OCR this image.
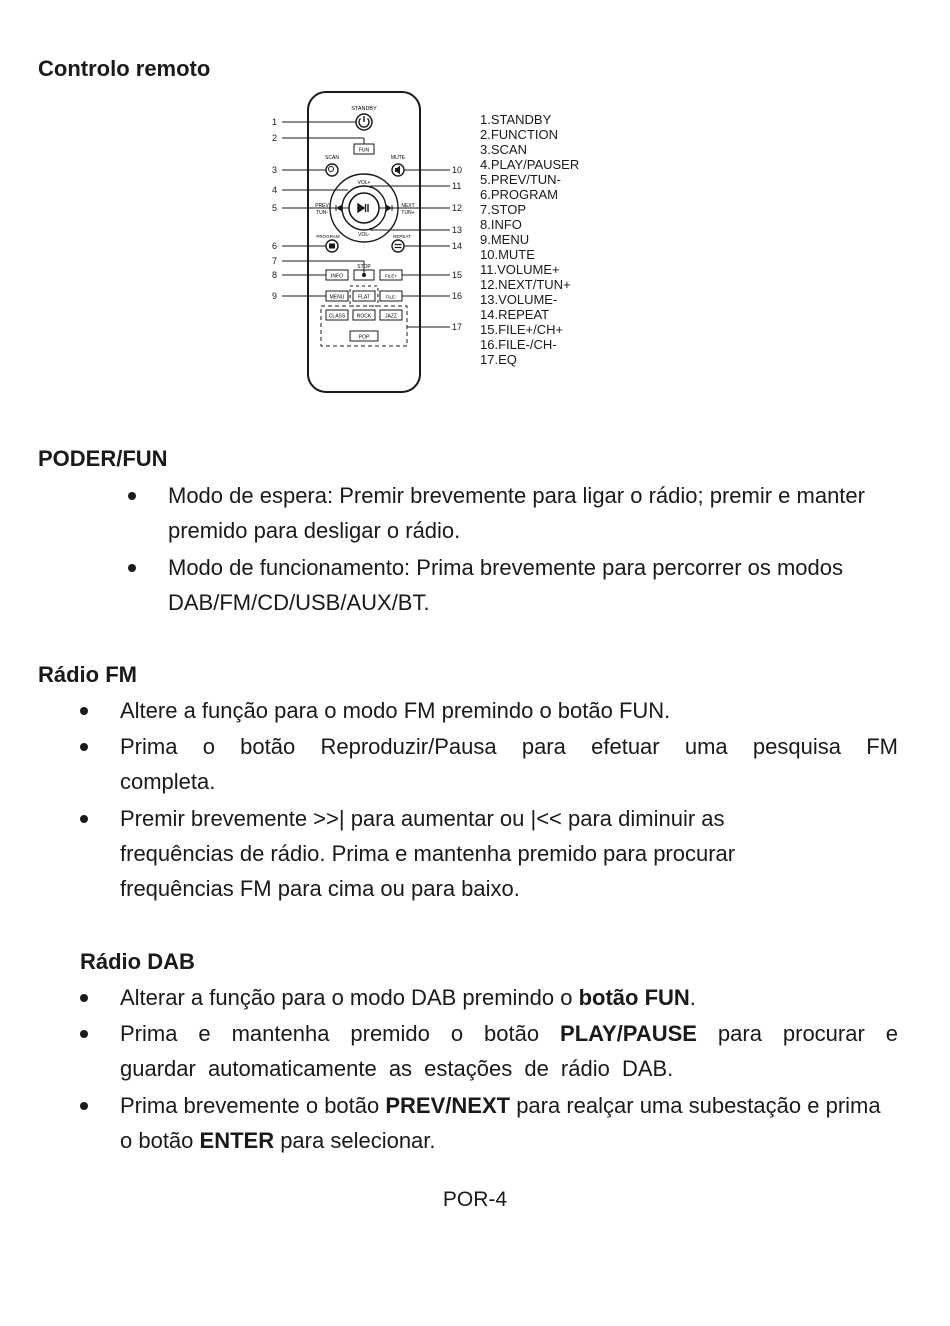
Controlo remoto

STANDBY
FUN
SCAN	MUTE
VOL+
VOL-
PREV
TUN-
NEXT
TUN+
PROGRAM	REPEAT
STOP
INFO	FILE+
MENU	FLAT	FILE-
CLASS ROCK	JAZZ
POP
1
2
3
4
5
6
7
8
9
10
11
12
13
14
15
16
17
1.STANDBY
2.FUNCTION
3.SCAN
4.PLAY/PAUSER
5.PREV/TUN-
6.PROGRAM
7.STOP
8.INFO
9.MENU
10.MUTE
11.VOLUME+
12.NEXT/TUN+
13.VOLUME-
14.REPEAT
15.FILE+/CH+
16.FILE-/CH-
17.EQ

PODER/FUN

Modo de espera: Premir brevemente para ligar o rádio; premir e manter premido para desligar o rádio.
Modo de funcionamento: Prima brevemente para percorrer os modos DAB/FM/CD/USB/AUX/BT.

Rádio FM

Altere a função para o modo FM premindo o botão FUN.
Prima o botão Reproduzir/Pausa para efetuar uma pesquisa FM completa.
Premir brevemente >>| para aumentar ou |<< para diminuir as frequências de rádio. Prima e mantenha premido para procurar frequências FM para cima ou para baixo.

Rádio DAB

Alterar a função para o modo DAB premindo o botão FUN.
Prima e mantenha premido o botão PLAY/PAUSE para procurar e guardar automaticamente as estações de rádio DAB.
Prima brevemente o botão PREV/NEXT para realçar uma subestação e prima o botão ENTER para selecionar.
POR-4
